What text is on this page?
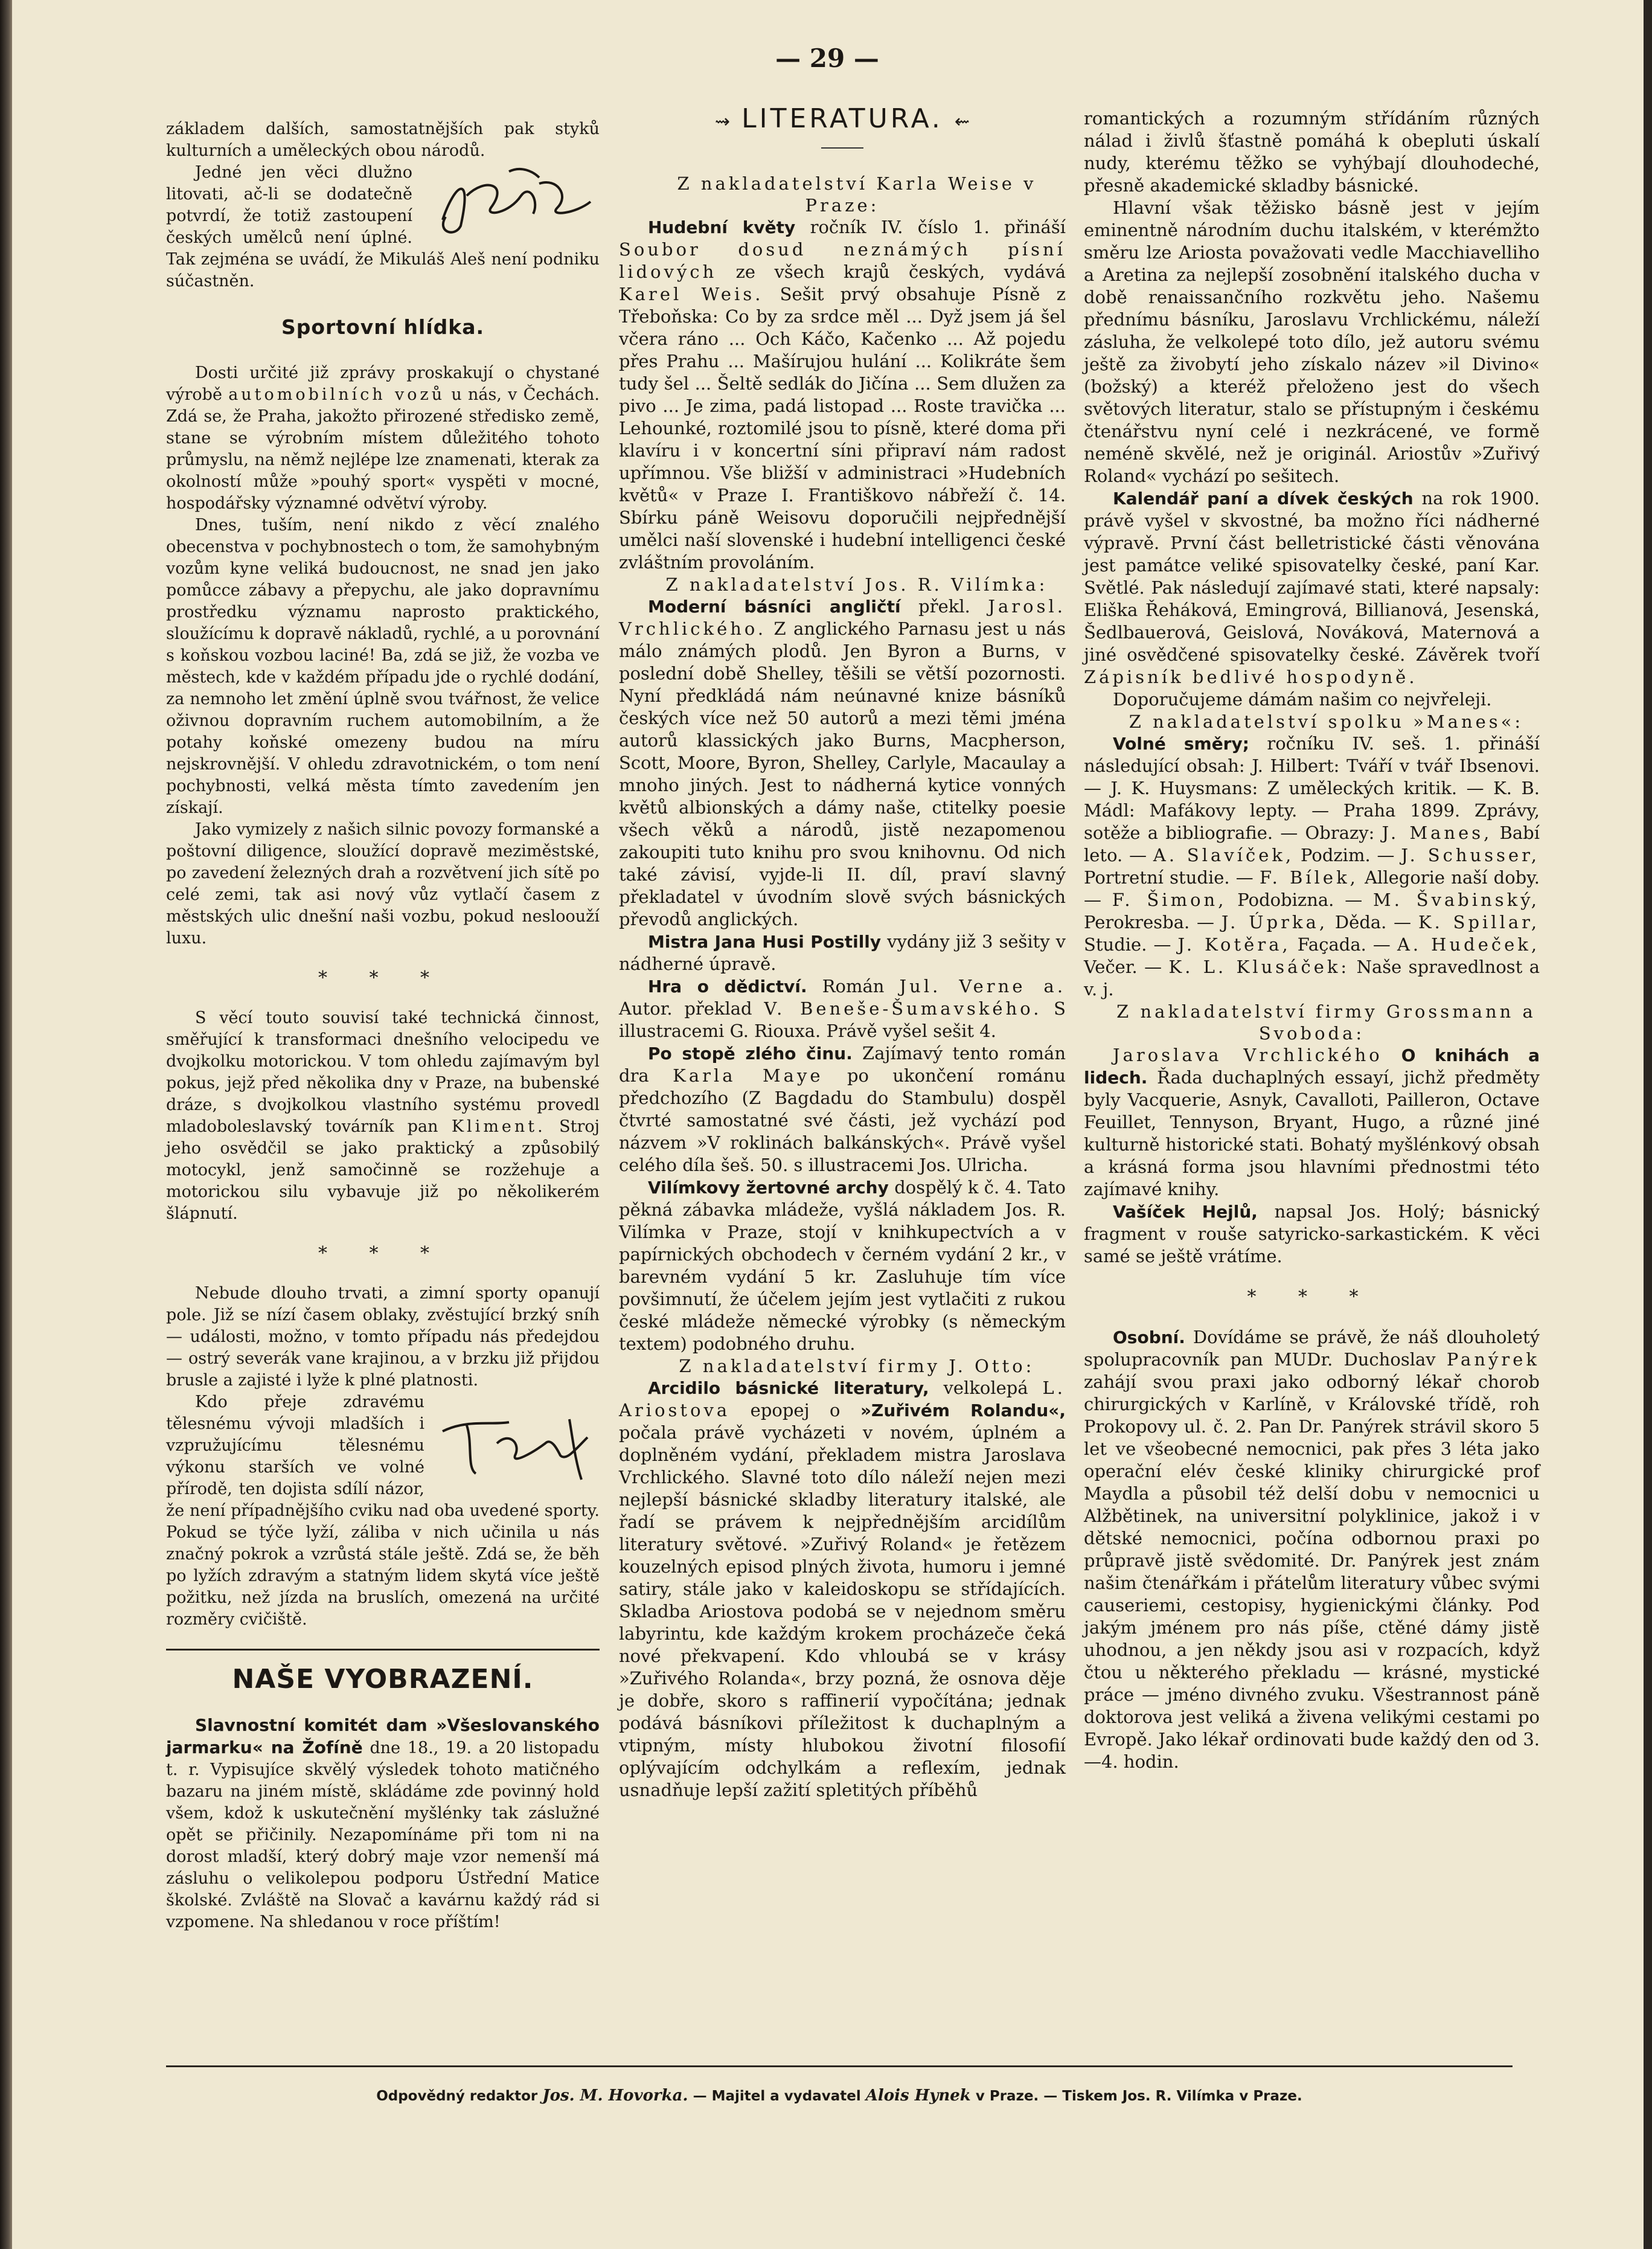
— 29 —

základem dalších, samostatnějších pak styků kulturních a uměleckých obou národů.

Jedné jen věci dlužno litovati, ač-li se dodatečně potvrdí, že totiž zastoupení českých umělců není úplné. Tak zejména se uvádí, že Mikuláš Aleš není podniku súčastněn.

Sportovní hlídka.

Dosti určité již zprávy proskakují o chystané výrobě automobilních vozů u nás, v Čechách. Zdá se, že Praha, jakožto přirozené středisko země, stane se výrobním místem důležitého tohoto průmyslu, na němž nejlépe lze znamenati, kterak za okolností může »pouhý sport« vyspěti v mocné, hospodářsky významné odvětví výroby.

Dnes, tuším, není nikdo z věcí znalého obecenstva v pochybnostech o tom, že samohybným vozům kyne veliká budoucnost, ne snad jen jako pomůcce zábavy a přepychu, ale jako dopravnímu prostředku významu naprosto praktického, sloužícímu k dopravě nákladů, rychlé, a u porovnání s koňskou vozbou laciné! Ba, zdá se již, že vozba ve městech, kde v každém případu jde o rychlé dodání, za nemnoho let změní úplně svou tvářnost, že velice oživnou dopravním ruchem automobilním, a že potahy koňské omezeny budou na míru nejskrovnější. V ohledu zdravotnickém, o tom není pochybnosti, velká města tímto zavedením jen získají.

Jako vymizely z našich silnic povozy formanské a poštovní diligence, sloužící dopravě meziměstské, po zavedení železných drah a rozvětvení jich sítě po celé zemi, tak asi nový vůz vytlačí časem z městských ulic dnešní naši vozbu, pokud nesloouží luxu.

* * *

S věcí touto souvisí také technická činnost, směřující k transformaci dnešního velocipedu ve dvojkolku motorickou. V tom ohledu zajímavým byl pokus, jejž před několika dny v Praze, na bubenské dráze, s dvojkolkou vlastního systému provedl mladoboleslavský továrník pan Kliment. Stroj jeho osvědčil se jako praktický a způsobilý motocykl, jenž samočinně se rozžehuje a motorickou silu vybavuje již po několikerém šlápnutí.

* * *

Nebude dlouho trvati, a zimní sporty opanují pole. Již se nízí časem oblaky, zvěstující brzký sníh — události, možno, v tomto případu nás předejdou — ostrý severák vane krajinou, a v brzku již přijdou brusle a zajisté i lyže k plné platnosti.

Kdo přeje zdravému tělesnému vývoji mladších i vzpružujícímu tělesnému výkonu starších ve volné přírodě, ten dojista sdílí názor, že není případnějšího cviku nad oba uvedené sporty. Pokud se týče lyží, záliba v nich učinila u nás značný pokrok a vzrůstá stále ještě. Zdá se, že běh po lyžích zdravým a statným lidem skytá více ještě požitku, než jízda na bruslích, omezená na určité rozměry cvičiště.

NAŠE VYOBRAZENÍ.

Slavnostní komitét dam »Všeslovanského jarmarku« na Žofíně dne 18., 19. a 20 listopadu t. r. Vypisujíce skvělý výsledek tohoto matičného bazaru na jiném místě, skládáme zde povinný hold všem, kdož k uskutečnění myšlénky tak záslužné opět se přičinily. Nezapomínáme při tom ni na dorost mladší, který dobrý maje vzor nemenší má zásluhu o velikolepou podporu Ústřední Matice školské. Zvláště na Slovač a kavárnu každý rád si vzpomene. Na shledanou v roce příštím!

⇝ LITERATURA. ⇜

Z nakladatelství Karla Weise v Praze:

Hudební květy ročník IV. číslo 1. přináší Soubor dosud neznámých písní lidových ze všech krajů českých, vydává Karel Weis. Sešit prvý obsahuje Písně z Třeboňska: Co by za srdce měl ... Dyž jsem já šel včera ráno ... Och Káčo, Kačenko ... Až pojedu přes Prahu ... Mašírujou hulání ... Kolikráte šem tudy šel ... Šeltě sedlák do Jičína ... Sem dlužen za pivo ... Je zima, padá listopad ... Roste travička ... Lehounké, roztomilé jsou to písně, které doma při klavíru i v koncertní síni připraví nám radost upřímnou. Vše bližší v administraci »Hudebních květů« v Praze I. Františkovo nábřeží č. 14. Sbírku páně Weisovu doporučili nejpřednější umělci naší slovenské i hudební intelligenci české zvláštním provoláním.

Z nakladatelství Jos. R. Vilímka:

Moderní básníci angličtí překl. Jarosl. Vrchlického. Z anglického Parnasu jest u nás málo známých plodů. Jen Byron a Burns, v poslední době Shelley, těšili se větší pozornosti. Nyní předkládá nám neúnavné knize básníků českých více než 50 autorů a mezi těmi jména autorů klassických jako Burns, Macpherson, Scott, Moore, Byron, Shelley, Carlyle, Macaulay a mnoho jiných. Jest to nádherná kytice vonných květů albionských a dámy naše, ctitelky poesie všech věků a národů, jistě nezapomenou zakoupiti tuto knihu pro svou knihovnu. Od nich také závisí, vyjde-li II. díl, praví slavný překladatel v úvodním slově svých básnických převodů anglických.

Mistra Jana Husi Postilly vydány již 3 sešity v nádherné úpravě.

Hra o dědictví. Román Jul. Verne a. Autor. překlad V. Beneše-Šumavského. S illustracemi G. Riouxa. Právě vyšel sešit 4.

Po stopě zlého činu. Zajímavý tento román dra Karla Maye po ukončení románu předchozího (Z Bagdadu do Stambulu) dospěl čtvrté samostatné své části, jež vychází pod názvem »V roklinách balkánských«. Právě vyšel celého díla šeš. 50. s illustracemi Jos. Ulricha.

Vilímkovy žertovné archy dospělý k č. 4. Tato pěkná zábavka mládeže, vyšlá nákladem Jos. R. Vilímka v Praze, stojí v knihkupectvích a v papírnických obchodech v černém vydání 2 kr., v barevném vydání 5 kr. Zasluhuje tím více povšimnutí, že účelem jejím jest vytlačiti z rukou české mládeže německé výrobky (s německým textem) podobného druhu.

Z nakladatelství firmy J. Otto:

Arcidilo básnické literatury, velkolepá L. Ariostova epopej o »Zuřivém Rolandu«, počala právě vycházeti v novém, úplném a doplněném vydání, překladem mistra Jaroslava Vrchlického. Slavné toto dílo náleží nejen mezi nejlepší básnické skladby literatury italské, ale řadí se právem k nejpřednějším arcidílům literatury světové. »Zuřivý Roland« je řetězem kouzelných episod plných života, humoru i jemné satiry, stále jako v kaleidoskopu se střídajících. Skladba Ariostova podobá se v nejednom směru labyrintu, kde každým krokem procházeče čeká nové překvapení. Kdo vhloubá se v krásy »Zuřivého Rolanda«, brzy pozná, že osnova děje je dobře, skoro s raffinerií vypočítána; jednak podává básníkovi příležitost k duchaplným a vtipným, místy hlubokou životní filosofií oplývajícím odchylkám a reflexím, jednak usnadňuje lepší zažití spletitých příběhů

romantických a rozumným střídáním různých nálad i živlů šťastně pomáhá k obepluti úskalí nudy, kterému těžko se vyhýbají dlouhodeché, přesně akademické skladby básnické.

Hlavní však těžisko básně jest v jejím eminentně národním duchu italském, v kterémžto směru lze Ariosta považovati vedle Macchiavelliho a Aretina za nejlepší zosobnění italského ducha v době renaissančního rozkvětu jeho. Našemu přednímu básníku, Jaroslavu Vrchlickému, náleží zásluha, že velkolepé toto dílo, jež autoru svému ještě za živobytí jeho získalo název »il Divino« (božský) a kteréž přeloženo jest do všech světových literatur, stalo se přístupným i českému čtenářstvu nyní celé i nezkrácené, ve formě neméně skvělé, než je originál. Ariostův »Zuřivý Roland« vychází po sešitech.

Kalendář paní a dívek českých na rok 1900. právě vyšel v skvostné, ba možno říci nádherné výpravě. První část belletristické části věnována jest památce veliké spisovatelky české, paní Kar. Světlé. Pak následují zajímavé stati, které napsaly: Eliška Řeháková, Emingrová, Billianová, Jesenská, Šedlbauerová, Geislová, Nováková, Maternová a jiné osvědčené spisovatelky české. Závěrek tvoří Zápisník bedlivé hospodyně.

Doporučujeme dámám našim co nejvřeleji.

Z nakladatelství spolku »Manes«:

Volné směry; ročníku IV. seš. 1. přináší následující obsah: J. Hilbert: Tváří v tvář Ibsenovi. — J. K. Huysmans: Z uměleckých kritik. — K. B. Mádl: Mafákovy lepty. — Praha 1899. Zprávy, sotěže a bibliografie. — Obrazy: J. Manes, Babí leto. — A. Slavíček, Podzim. — J. Schusser, Portretní studie. — F. Bílek, Allegorie naší doby. — F. Šimon, Podobizna. — M. Švabinský, Perokresba. — J. Úprka, Děda. — K. Spillar, Studie. — J. Kotěra, Façada. — A. Hudeček, Večer. — K. L. Klusáček: Naše spravedlnost a v. j.

Z nakladatelství firmy Grossmann a Svoboda:

Jaroslava Vrchlického O knihách a lidech. Řada duchaplných essayí, jichž předměty byly Vacquerie, Asnyk, Cavalloti, Pailleron, Octave Feuillet, Tennyson, Bryant, Hugo, a různé jiné kulturně historické stati. Bohatý myšlénkový obsah a krásná forma jsou hlavními přednostmi této zajímavé knihy.

Vašíček Hejlů, napsal Jos. Holý; básnický fragment v rouše satyricko-sarkastickém. K věci samé se ještě vrátíme.

* * *

Osobní. Dovídáme se právě, že náš dlouholetý spolupracovník pan MUDr. Duchoslav Panýrek zahájí svou praxi jako odborný lékař chorob chirurgických v Karlíně, v Královské třídě, roh Prokopovy ul. č. 2. Pan Dr. Panýrek strávil skoro 5 let ve všeobecné nemocnici, pak přes 3 léta jako operační elév české kliniky chirurgické prof Maydla a působil též delší dobu v nemocnici u Alžbětinek, na universitní polyklinice, jakož i v dětské nemocnici, počína odbornou praxi po průpravě jistě svědomité. Dr. Panýrek jest znám našim čtenářkám i přátelům literatury vůbec svými causeriemi, cestopisy, hygienickými články. Pod jakým jménem pro nás píše, ctěné dámy jistě uhodnou, a jen někdy jsou asi v rozpacích, když čtou u některého překladu — krásné, mystické práce — jméno divného zvuku. Všestrannost páně doktorova jest veliká a živena velikými cestami po Evropě. Jako lékař ordinovati bude každý den od 3.—4. hodin.

Odpovědný redaktor Jos. M. Hovorka. — Majitel a vydavatel Alois Hynek v Praze. — Tiskem Jos. R. Vilímka v Praze.
